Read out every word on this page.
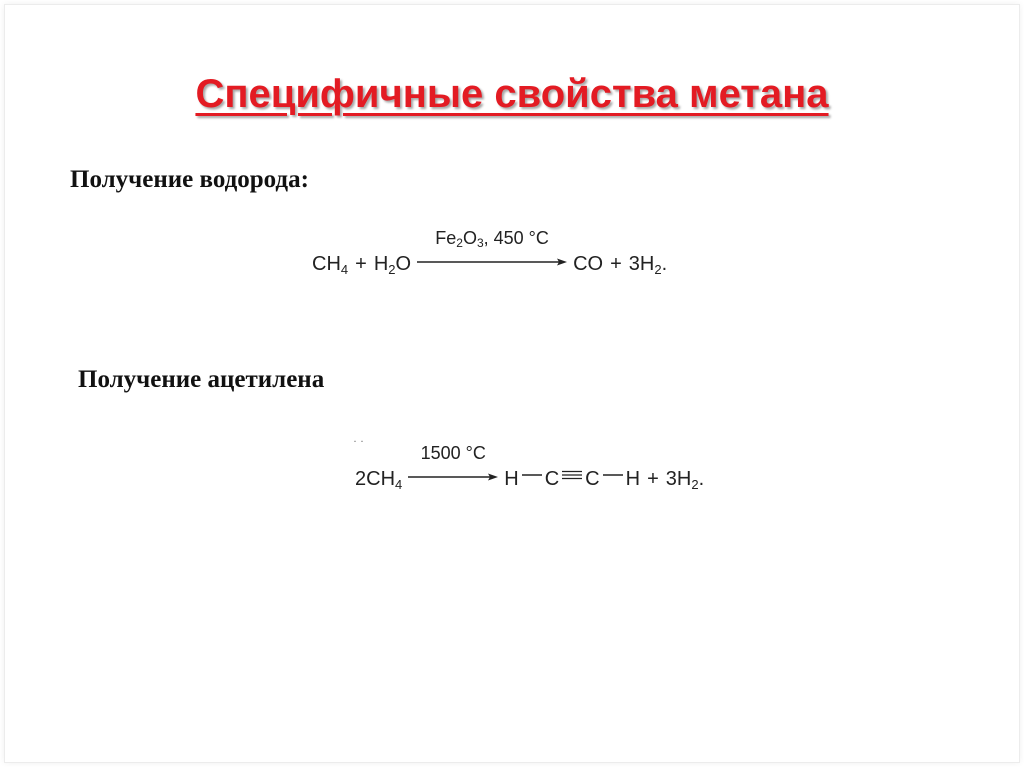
Специфичные свойства метана
Получение водорода:
$CH_4 + H_2O$
$Fe_2O_3$, 450 °C
CO + $3H_2$.
Получение ацетилена
··
$2CH_4$
1500 °C
H C C $H + 3H_2$.
